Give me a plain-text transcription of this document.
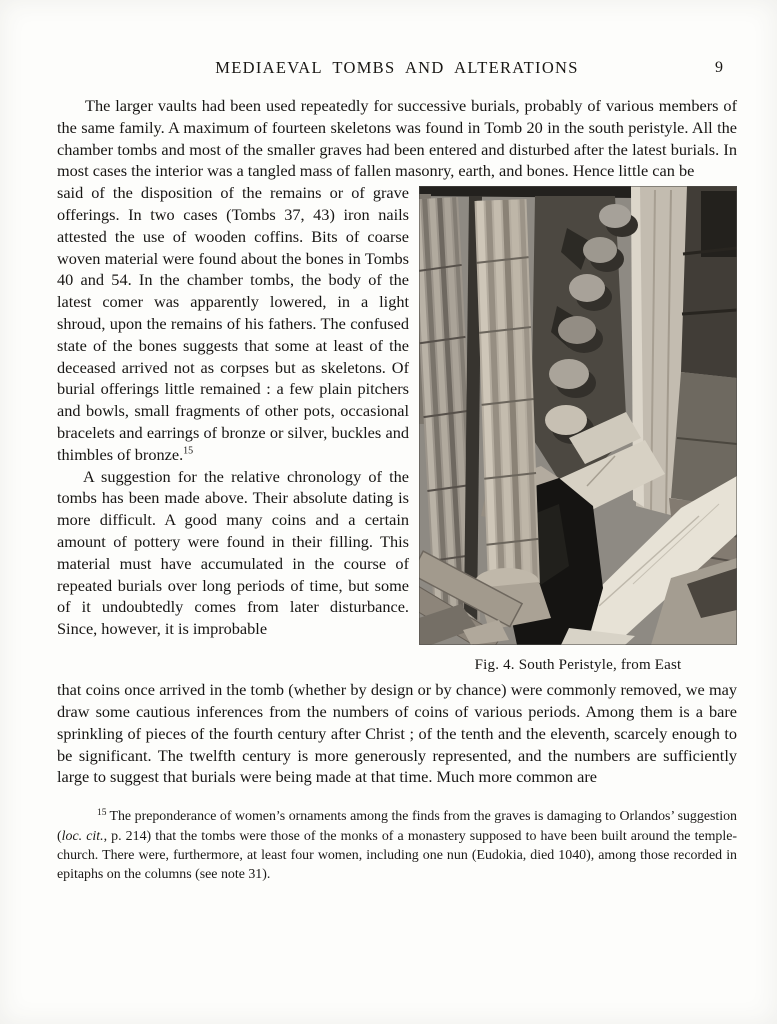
MEDIAEVAL TOMBS AND ALTERATIONS	9

The larger vaults had been used repeatedly for successive burials, probably of various members of the same family. A maximum of fourteen skeletons was found in Tomb 20 in the south peristyle. All the chamber tombs and most of the smaller graves had been entered and disturbed after the latest burials. In most cases the interior was a tangled mass of fallen masonry, earth, and bones. Hence little can be

Fig. 4. South Peristyle, from East

said of the disposition of the remains or of grave offerings. In two cases (Tombs 37, 43) iron nails attested the use of wooden coffins. Bits of coarse woven material were found about the bones in Tombs 40 and 54. In the chamber tombs, the body of the latest comer was apparently lowered, in a light shroud, upon the remains of his fathers. The confused state of the bones suggests that some at least of the deceased arrived not as corpses but as skeletons. Of burial offerings little remained : a few plain pitchers and bowls, small fragments of other pots, occasional bracelets and earrings of bronze or silver, buckles and thimbles of bronze.$^{15}$

A suggestion for the relative chronology of the tombs has been made above. Their absolute dating is more difficult. A good many coins and a certain amount of pottery were found in their filling. This material must have accumulated in the course of repeated burials over long periods of time, but some of it undoubtedly comes from later disturbance. Since, however, it is improbable

that coins once arrived in the tomb (whether by design or by chance) were commonly removed, we may draw some cautious inferences from the numbers of coins of various periods. Among them is a bare sprinkling of pieces of the fourth century after Christ ; of the tenth and the eleventh, scarcely enough to be significant. The twelfth century is more generously represented, and the numbers are sufficiently large to suggest that burials were being made at that time. Much more common are

$^{15}$ The preponderance of women’s ornaments among the finds from the graves is damaging to Orlandos’ suggestion (loc. cit., p. 214) that the tombs were those of the monks of a monastery supposed to have been built around the temple-church. There were, furthermore, at least four women, including one nun (Eudokia, died 1040), among those recorded in epitaphs on the columns (see note 31).
